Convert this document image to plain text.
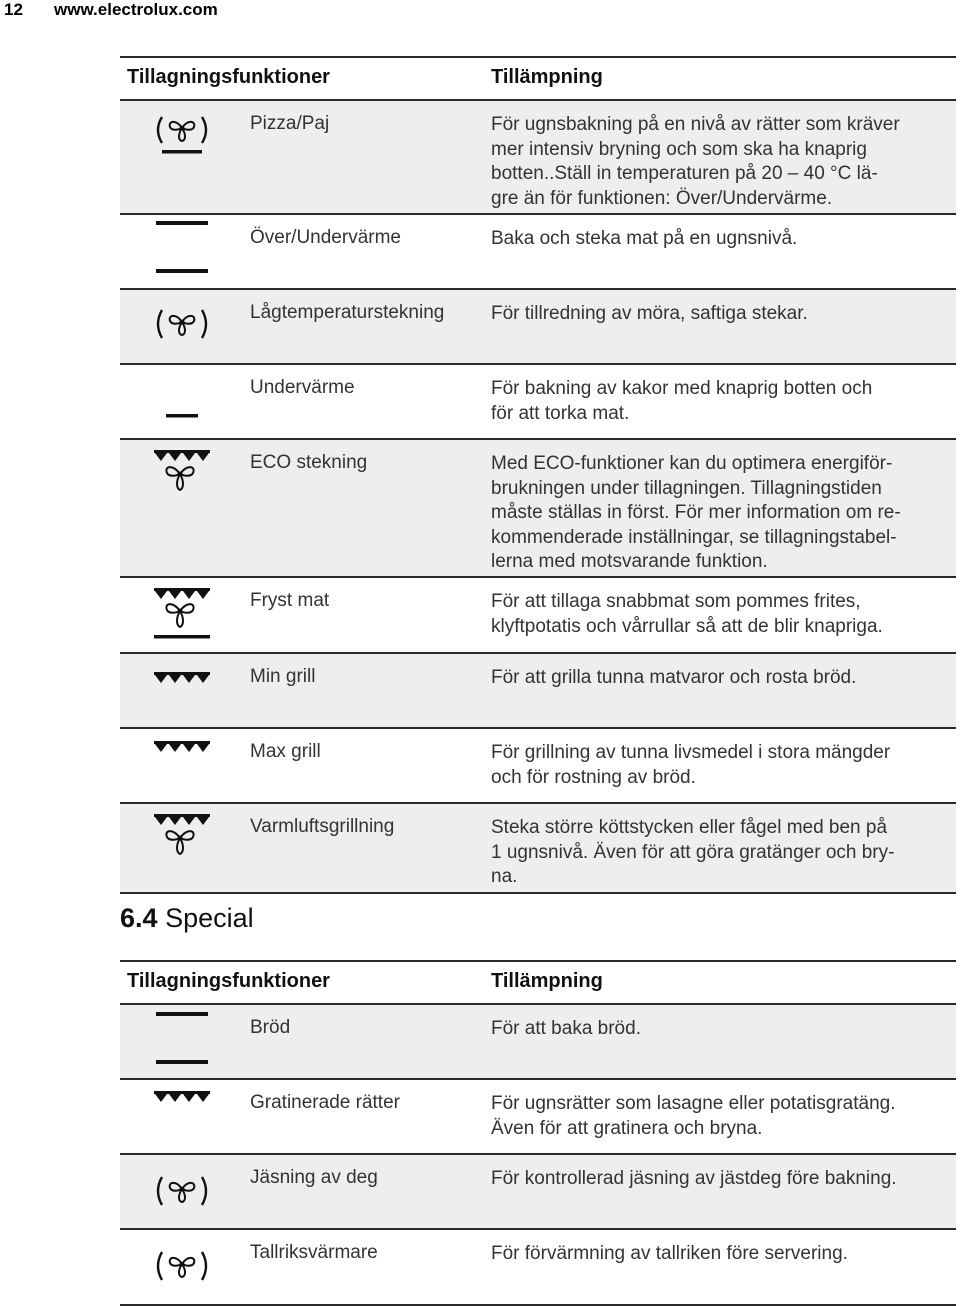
12 www.electrolux.com
Tillagningsfunktioner	Tillämpning
Pizza/Paj	För ugnsbakning på en nivå av rätter som kräver
mer intensiv bryning och som ska ha knaprig
botten..Ställ in temperaturen på 20 – 40 °C lä-
gre än för funktionen: Över/Undervärme.
Över/Undervärme	Baka och steka mat på en ugnsnivå.
Lågtemperaturstekning För tillredning av möra, saftiga stekar.
Undervärme	För bakning av kakor med knaprig botten och
för att torka mat.
ECO stekning	Med ECO-funktioner kan du optimera energiför-
brukningen under tillagningen. Tillagningstiden
måste ställas in först. För mer information om re-
kommenderade inställningar, se tillagningstabel-
lerna med motsvarande funktion.
Fryst mat	För att tillaga snabbmat som pommes frites,
klyftpotatis och vårrullar så att de blir knapriga.
Min grill	För att grilla tunna matvaror och rosta bröd.
Max grill	För grillning av tunna livsmedel i stora mängder
och för rostning av bröd.
Varmluftsgrillning	Steka större köttstycken eller fågel med ben på
1 ugnsnivå. Även för att göra gratänger och bry-
na.
6.4 Special
Tillagningsfunktioner	Tillämpning
Bröd	För att baka bröd.
Gratinerade rätter	För ugnsrätter som lasagne eller potatisgratäng.
Även för att gratinera och bryna.
Jäsning av deg	För kontrollerad jäsning av jästdeg före bakning.
Tallriksvärmare	För förvärmning av tallriken före servering.
